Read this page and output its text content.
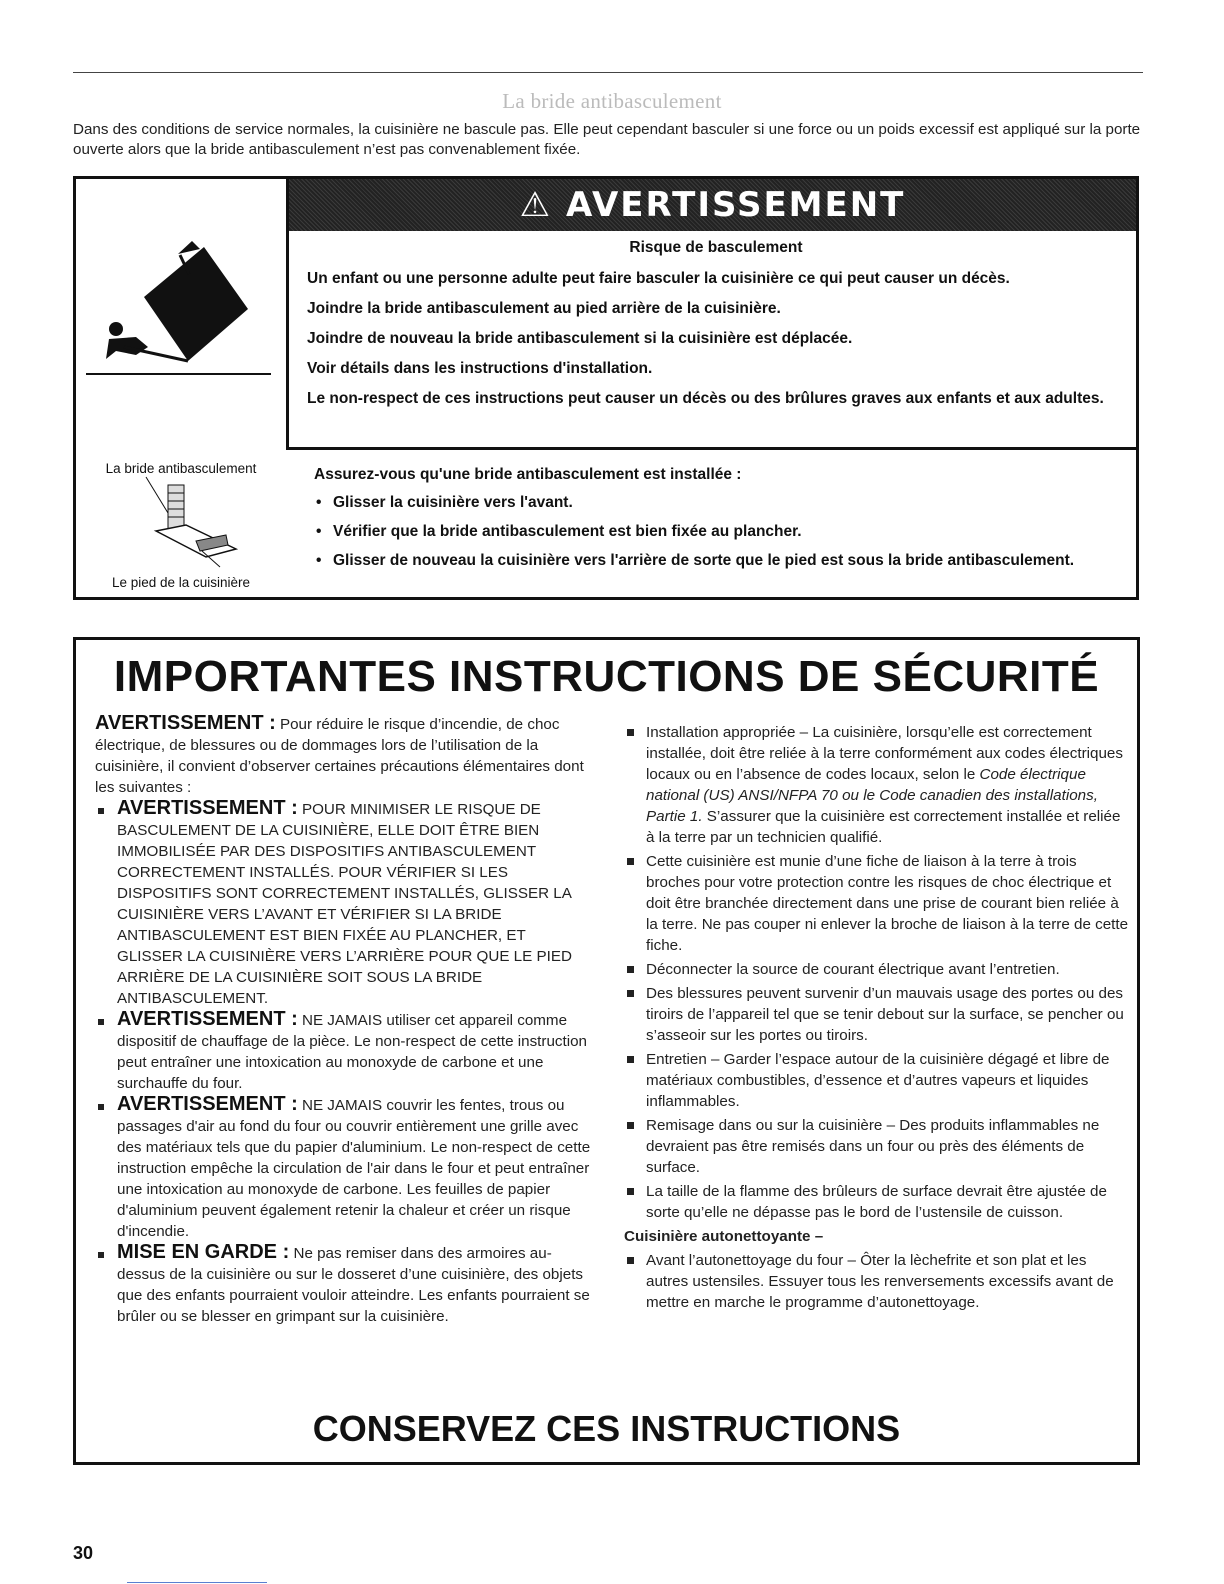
La bride antibasculement
Dans des conditions de service normales, la cuisinière ne bascule pas. Elle peut cependant basculer si une force ou un poids excessif est appliqué sur la porte ouverte alors que la bride antibasculement n’est pas convenablement fixée.
⚠ AVERTISSEMENT
Risque de basculement

Un enfant ou une personne adulte peut faire basculer la cuisinière ce qui peut causer un décès.

Joindre la bride antibasculement au pied arrière de la cuisinière.

Joindre de nouveau la bride antibasculement si la cuisinière est déplacée.

Voir détails dans les instructions d'installation.

Le non-respect de ces instructions peut causer un décès ou des brûlures graves aux enfants et aux adultes.

La bride antibasculement
Le pied de la cuisinière
Assurez-vous qu'une bride antibasculement est installée :
• Glisser la cuisinière vers l'avant.
• Vérifier que la bride antibasculement est bien fixée au plancher.
• Glisser de nouveau la cuisinière vers l'arrière de sorte que le pied est sous la bride antibasculement.
IMPORTANTES INSTRUCTIONS DE SÉCURITÉ

AVERTISSEMENT : Pour réduire le risque d’incendie, de choc électrique, de blessures ou de dommages lors de l’utilisation de la cuisinière, il convient d’observer certaines précautions élémentaires dont les suivantes :

AVERTISSEMENT : POUR MINIMISER LE RISQUE DE BASCULEMENT DE LA CUISINIÈRE, ELLE DOIT ÊTRE BIEN IMMOBILISÉE PAR DES DISPOSITIFS ANTIBASCULEMENT CORRECTEMENT INSTALLÉS. POUR VÉRIFIER SI LES DISPOSITIFS SONT CORRECTEMENT INSTALLÉS, GLISSER LA CUISINIÈRE VERS L’AVANT ET VÉRIFIER SI LA BRIDE ANTIBASCULEMENT EST BIEN FIXÉE AU PLANCHER, ET GLISSER LA CUISINIÈRE VERS L’ARRIÈRE POUR QUE LE PIED ARRIÈRE DE LA CUISINIÈRE SOIT SOUS LA BRIDE ANTIBASCULEMENT.

AVERTISSEMENT : NE JAMAIS utiliser cet appareil comme dispositif de chauffage de la pièce. Le non-respect de cette instruction peut entraîner une intoxication au monoxyde de carbone et une surchauffe du four.

AVERTISSEMENT : NE JAMAIS couvrir les fentes, trous ou passages d'air au fond du four ou couvrir entièrement une grille avec des matériaux tels que du papier d'aluminium. Le non-respect de cette instruction empêche la circulation de l'air dans le four et peut entraîner une intoxication au monoxyde de carbone. Les feuilles de papier d'aluminium peuvent également retenir la chaleur et créer un risque d'incendie.

MISE EN GARDE : Ne pas remiser dans des armoires au-dessus de la cuisinière ou sur le dosseret d’une cuisinière, des objets que des enfants pourraient vouloir atteindre. Les enfants pourraient se brûler ou se blesser en grimpant sur la cuisinière.

Installation appropriée – La cuisinière, lorsqu’elle est correctement installée, doit être reliée à la terre conformément aux codes électriques locaux ou en l’absence de codes locaux, selon le Code électrique national (US) ANSI/NFPA 70 ou le Code canadien des installations, Partie 1. S’assurer que la cuisinière est correctement installée et reliée à la terre par un technicien qualifié.

Cette cuisinière est munie d’une fiche de liaison à la terre à trois broches pour votre protection contre les risques de choc électrique et doit être branchée directement dans une prise de courant bien reliée à la terre. Ne pas couper ni enlever la broche de liaison à la terre de cette fiche.

Déconnecter la source de courant électrique avant l’entretien.

Des blessures peuvent survenir d’un mauvais usage des portes ou des tiroirs de l’appareil tel que se tenir debout sur la surface, se pencher ou s’asseoir sur les portes ou tiroirs.

Entretien – Garder l’espace autour de la cuisinière dégagé et libre de matériaux combustibles, d’essence et d’autres vapeurs et liquides inflammables.

Remisage dans ou sur la cuisinière – Des produits inflammables ne devraient pas être remisés dans un four ou près des éléments de surface.

La taille de la flamme des brûleurs de surface devrait être ajustée de sorte qu’elle ne dépasse pas le bord de l’ustensile de cuisson.

Cuisinière autonettoyante –

Avant l’autonettoyage du four – Ôter la lèchefrite et son plat et les autres ustensiles. Essuyer tous les renversements excessifs avant de mettre en marche le programme d’autonettoyage.

CONSERVEZ CES INSTRUCTIONS
30
